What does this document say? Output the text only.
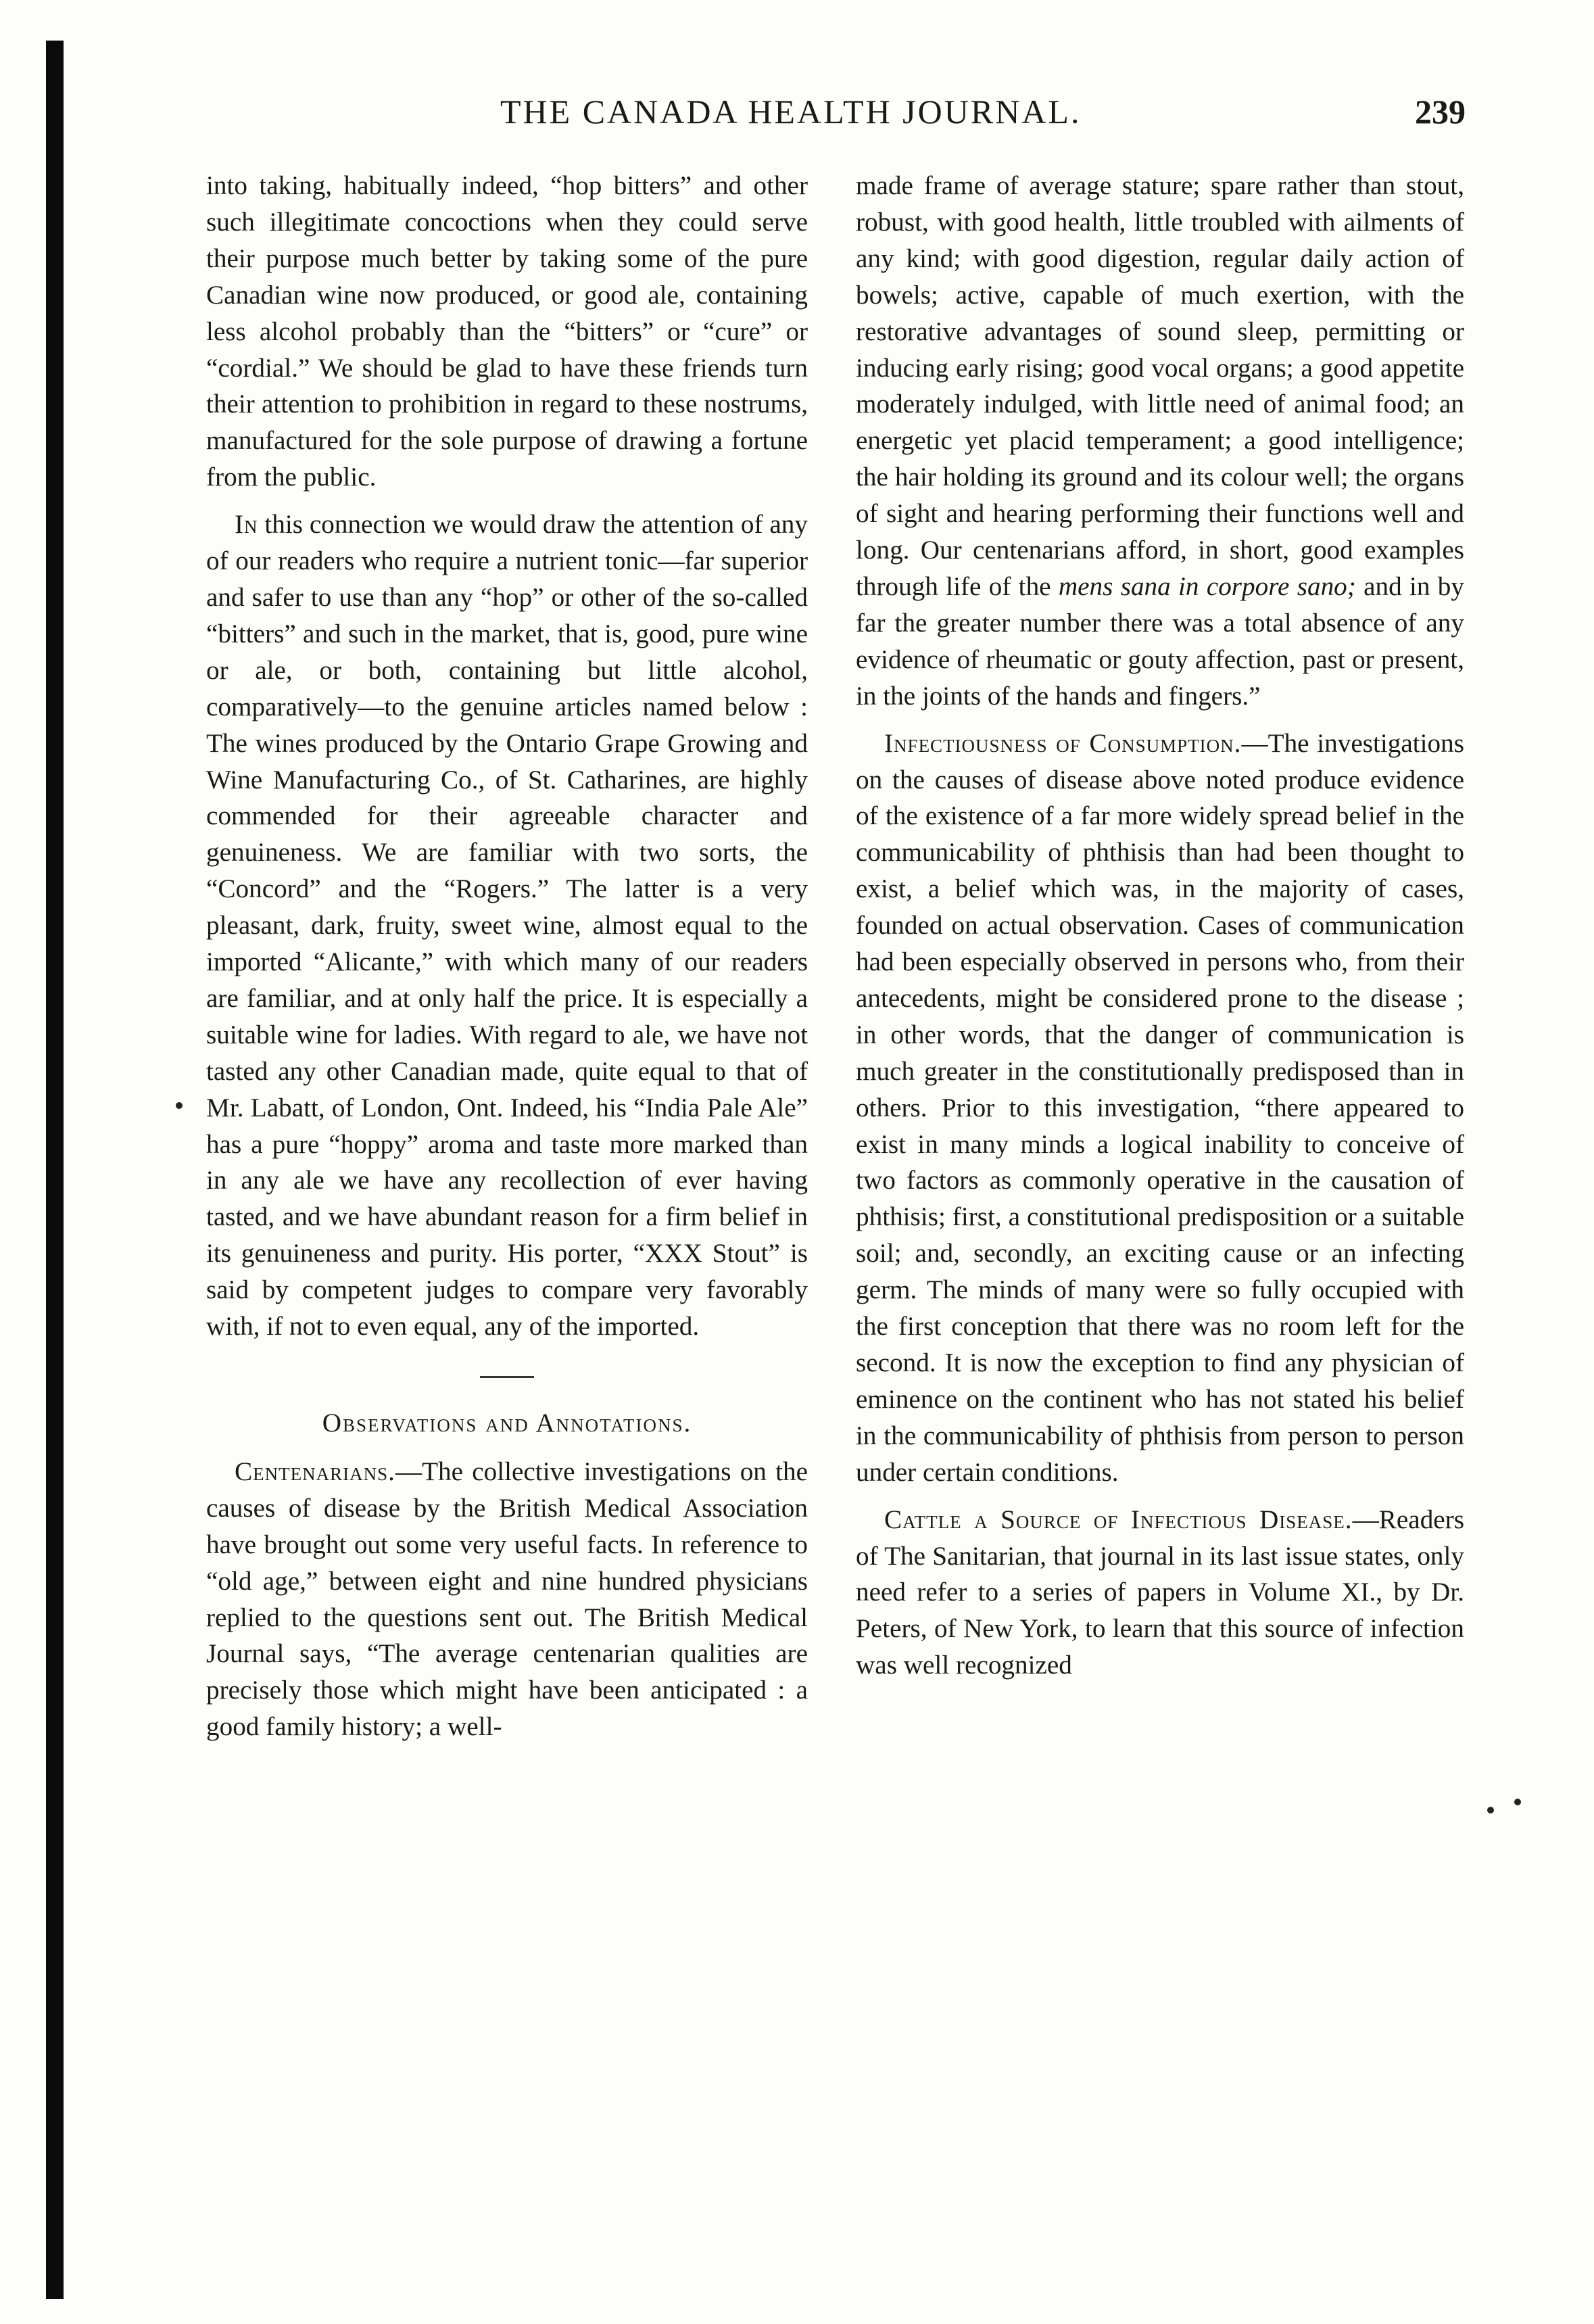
THE CANADA HEALTH JOURNAL.	239

into taking, habitually indeed, “hop bitters” and other such illegitimate concoctions when they could serve their purpose much better by taking some of the pure Canadian wine now produced, or good ale, containing less alcohol probably than the “bitters” or “cure” or “cordial.” We should be glad to have these friends turn their attention to prohibition in regard to these nostrums, manufactured for the sole purpose of drawing a fortune from the public.

In this connection we would draw the attention of any of our readers who require a nutrient tonic—far superior and safer to use than any “hop” or other of the so-called “bitters” and such in the market, that is, good, pure wine or ale, or both, containing but little alcohol, comparatively—to the genuine articles named below : The wines produced by the Ontario Grape Growing and Wine Manufacturing Co., of St. Catharines, are highly commended for their agreeable character and genuineness. We are familiar with two sorts, the “Concord” and the “Rogers.” The latter is a very pleasant, dark, fruity, sweet wine, almost equal to the imported “Alicante,” with which many of our readers are familiar, and at only half the price. It is especially a suitable wine for ladies. With regard to ale, we have not tasted any other Canadian made, quite equal to that of Mr. Labatt, of London, Ont. Indeed, his “India Pale Ale” has a pure “hoppy” aroma and taste more marked than in any ale we have any recollection of ever having tasted, and we have abundant reason for a firm belief in its genuineness and purity. His porter, “XXX Stout” is said by competent judges to compare very favorably with, if not to even equal, any of the imported.

Observations and Annotations.

Centenarians.—The collective investigations on the causes of disease by the British Medical Association have brought out some very useful facts. In reference to “old age,” between eight and nine hundred physicians replied to the questions sent out. The British Medical Journal says, “The average centenarian qualities are precisely those which might have been anticipated : a good family history; a well-

made frame of average stature; spare rather than stout, robust, with good health, little troubled with ailments of any kind; with good digestion, regular daily action of bowels; active, capable of much exertion, with the restorative advantages of sound sleep, permitting or inducing early rising; good vocal organs; a good appetite moderately indulged, with little need of animal food; an energetic yet placid temperament; a good intelligence; the hair holding its ground and its colour well; the organs of sight and hearing performing their functions well and long. Our centenarians afford, in short, good examples through life of the mens sana in corpore sano; and in by far the greater number there was a total absence of any evidence of rheumatic or gouty affection, past or present, in the joints of the hands and fingers.”

Infectiousness of Consumption.—The investigations on the causes of disease above noted produce evidence of the existence of a far more widely spread belief in the communicability of phthisis than had been thought to exist, a belief which was, in the majority of cases, founded on actual observation. Cases of communication had been especially observed in persons who, from their antecedents, might be considered prone to the disease ; in other words, that the danger of communication is much greater in the constitutionally predisposed than in others. Prior to this investigation, “there appeared to exist in many minds a logical inability to conceive of two factors as commonly operative in the causation of phthisis; first, a constitutional predisposition or a suitable soil; and, secondly, an exciting cause or an infecting germ. The minds of many were so fully occupied with the first conception that there was no room left for the second. It is now the exception to find any physician of eminence on the continent who has not stated his belief in the communicability of phthisis from person to person under certain conditions.

Cattle a Source of Infectious Disease.—Readers of The Sanitarian, that journal in its last issue states, only need refer to a series of papers in Volume XI., by Dr. Peters, of New York, to learn that this source of infection was well recognized
